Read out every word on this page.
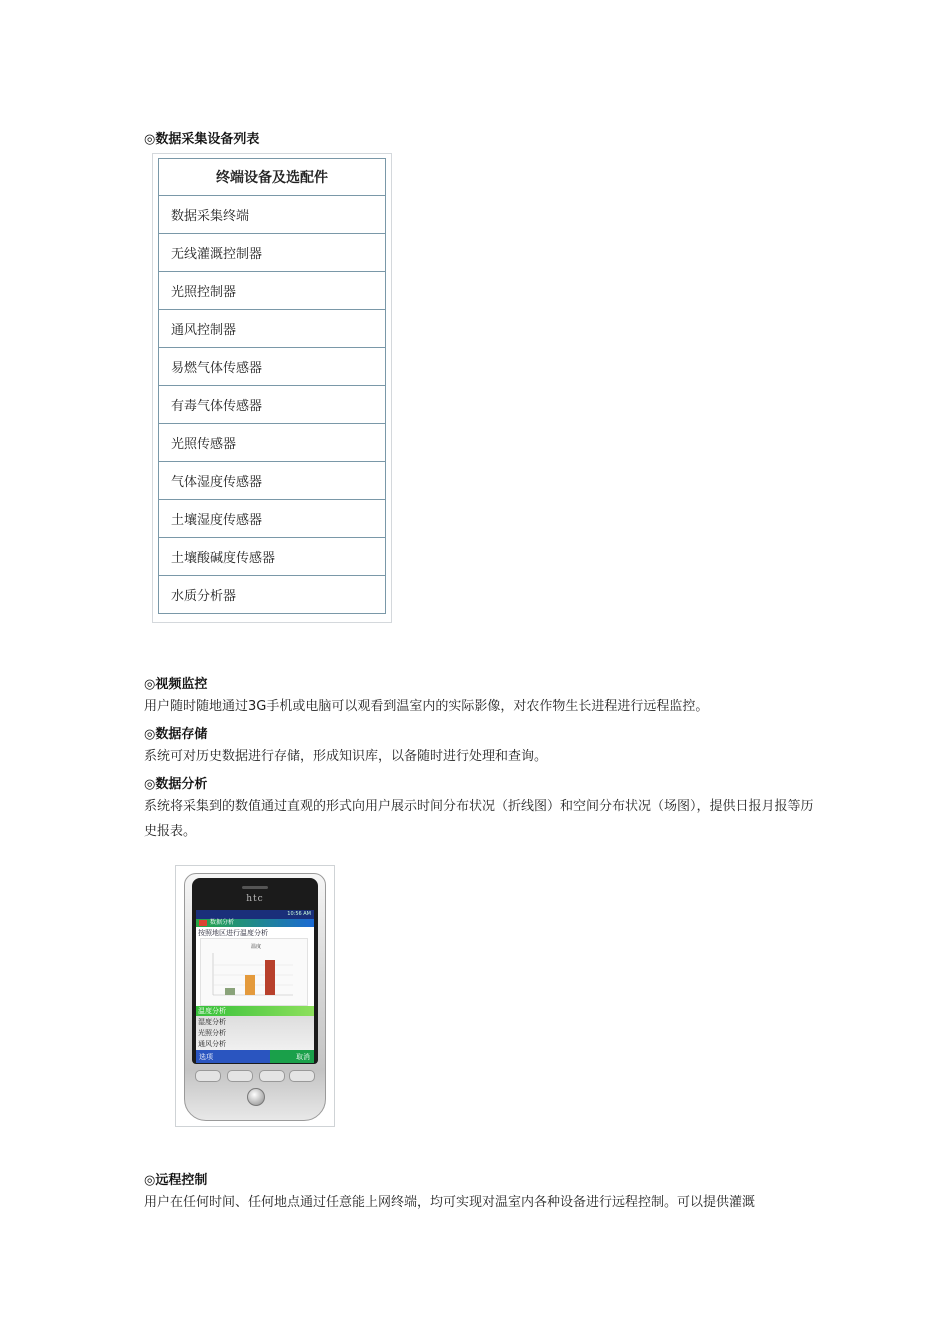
◎数据采集设备列表
终端设备及选配件
数据采集终端
无线灌溉控制器
光照控制器
通风控制器
易燃气体传感器
有毒气体传感器
光照传感器
气体湿度传感器
土壤湿度传感器
土壤酸碱度传感器
水质分析器
◎视频监控
用户随时随地通过3G手机或电脑可以观看到温室内的实际影像，对农作物生长进程进行远程监控。
◎数据存储
系统可对历史数据进行存储，形成知识库，以备随时进行处理和查询。
◎数据分析
系统将采集到的数值通过直观的形式向用户展示时间分布状况（折线图）和空间分布状况（场图），提供日报月报等历史报表。
htc
10:56 AM
数据分析
按照地区进行温度分析
温度
温度分析
湿度分析
光照分析
通风分析
选项	取消
◎远程控制
用户在任何时间、任何地点通过任意能上网终端，均可实现对温室内各种设备进行远程控制。可以提供灌溉
